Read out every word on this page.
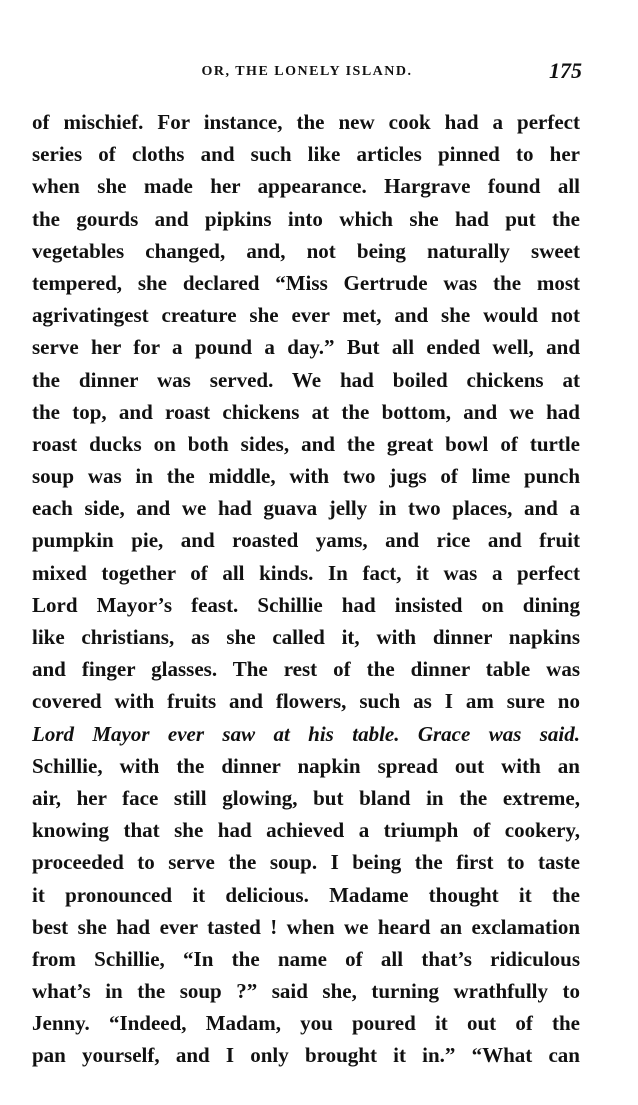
OR, THE LONELY ISLAND.	175
of mischief. For instance, the new cook had a perfect
series of cloths and such like articles pinned to her
when she made her appearance. Hargrave found all
the gourds and pipkins into which she had put the
vegetables changed, and, not being naturally sweet
tempered, she declared “Miss Gertrude was the most
agrivatingest creature she ever met, and she would not
serve her for a pound a day.” But all ended well, and
the dinner was served. We had boiled chickens at
the top, and roast chickens at the bottom, and we had
roast ducks on both sides, and the great bowl of turtle
soup was in the middle, with two jugs of lime punch
each side, and we had guava jelly in two places, and a
pumpkin pie, and roasted yams, and rice and fruit
mixed together of all kinds. In fact, it was a perfect
Lord Mayor’s feast. Schillie had insisted on dining
like christians, as she called it, with dinner napkins
and finger glasses. The rest of the dinner table was
covered with fruits and flowers, such as I am sure no
Lord Mayor ever saw at his table. Grace was said.
Schillie, with the dinner napkin spread out with an
air, her face still glowing, but bland in the extreme,
knowing that she had achieved a triumph of cookery,
proceeded to serve the soup. I being the first to taste
it pronounced it delicious. Madame thought it the
best she had ever tasted ! when we heard an exclamation
from Schillie, “In the name of all that’s ridiculous
what’s in the soup ?” said she, turning wrathfully to
Jenny. “Indeed, Madam, you poured it out of the
pan yourself, and I only brought it in.” “What can
